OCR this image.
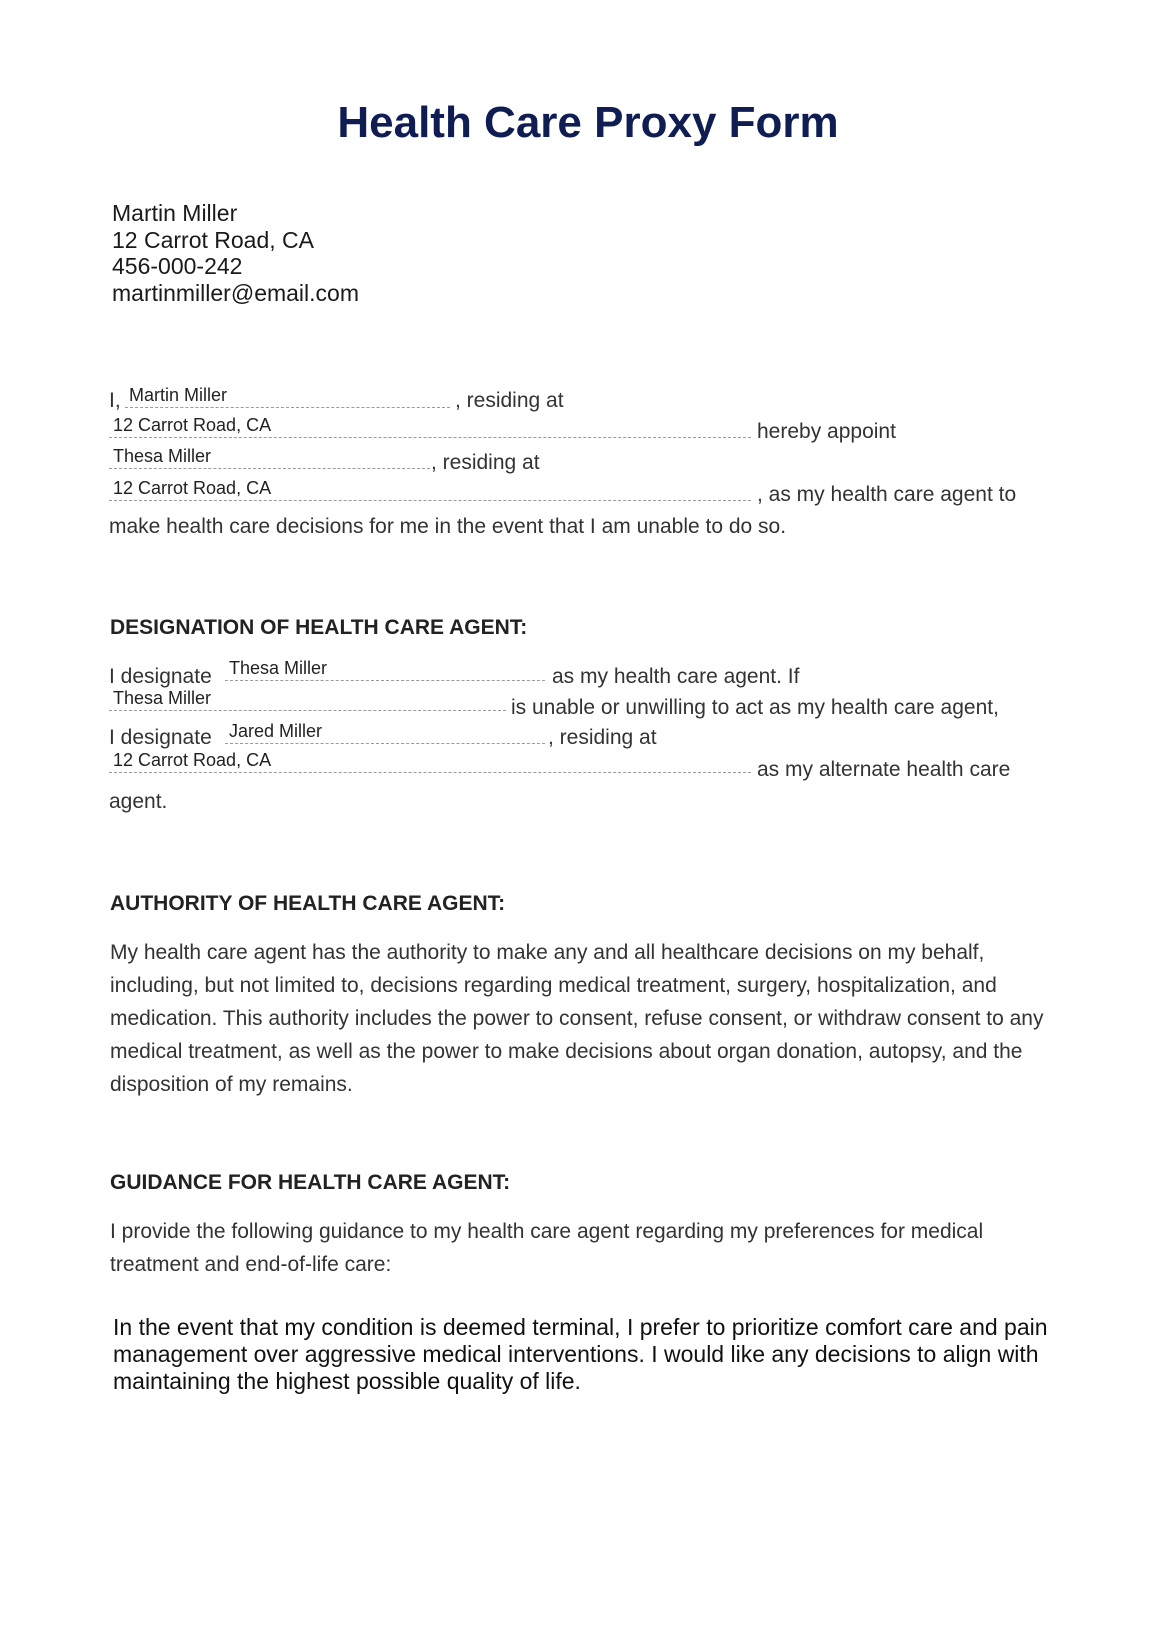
Health Care Proxy Form
Martin Miller
12 Carrot Road, CA
456-000-242
martinmiller@email.com
I, Martin Miller	, residing at
12 Carrot Road, CA	hereby appoint
Thesa Miller	, residing at
12 Carrot Road, CA	, as my health care agent to
make health care decisions for me in the event that I am unable to do so.
DESIGNATION OF HEALTH CARE AGENT:
I designate Thesa Miller	as my health care agent. If
Thesa Miller	is unable or unwilling to act as my health care agent,
I designate Jared Miller	, residing at
12 Carrot Road, CA	as my alternate health care
agent.
AUTHORITY OF HEALTH CARE AGENT:

My health care agent has the authority to make any and all healthcare decisions on my behalf, including, but not limited to, decisions regarding medical treatment, surgery, hospitalization, and medication. This authority includes the power to consent, refuse consent, or withdraw consent to any medical treatment, as well as the power to make decisions about organ donation, autopsy, and the disposition of my remains.

GUIDANCE FOR HEALTH CARE AGENT:

I provide the following guidance to my health care agent regarding my preferences for medical treatment and end-of-life care:

In the event that my condition is deemed terminal, I prefer to prioritize comfort care and pain management over aggressive medical interventions. I would like any decisions to align with maintaining the highest possible quality of life.
